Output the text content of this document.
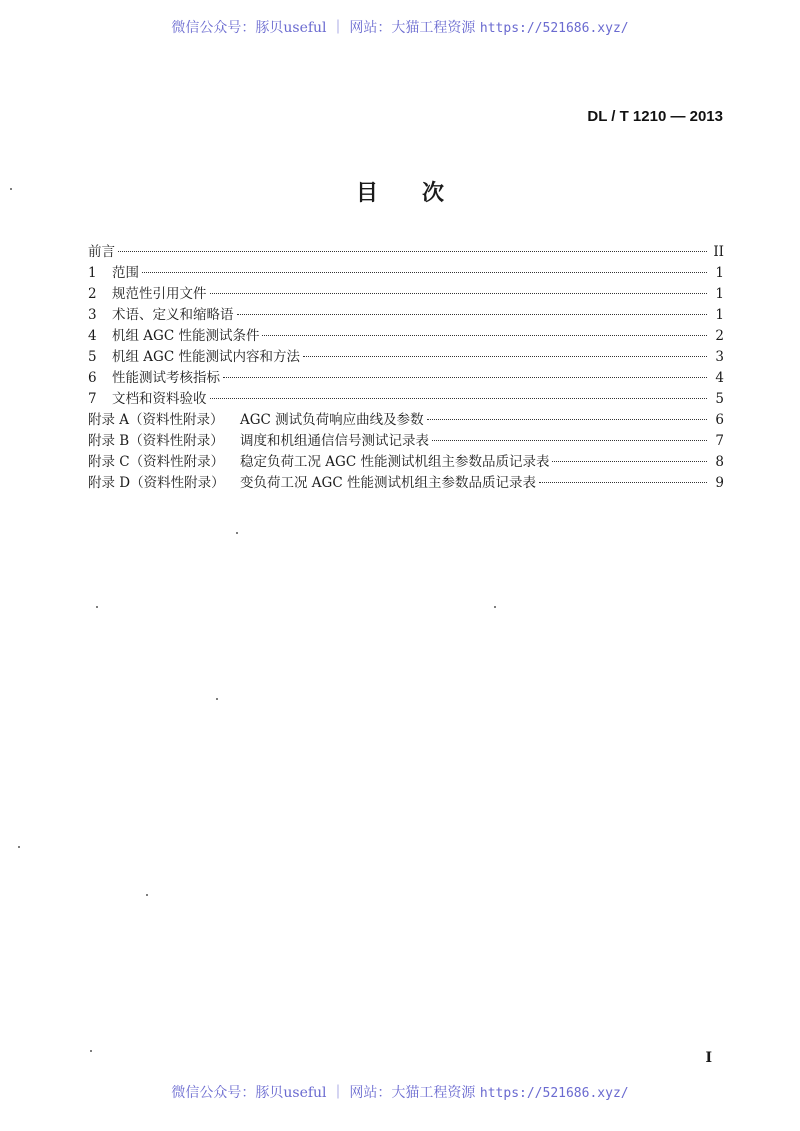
微信公众号：豚贝useful ｜ 网站：大猫工程资源 https://521686.xyz/
DL / T 1210 — 2013
目次
前言	II
1	范围	1
2	规范性引用文件	1
3	术语、定义和缩略语	1
4	机组 AGC 性能测试条件	2
5	机组 AGC 性能测试内容和方法	3
6	性能测试考核指标	4
7	文档和资料验收	5
附录 A（资料性附录）	AGC 测试负荷响应曲线及参数	6
附录 B（资料性附录）	调度和机组通信信号测试记录表	7
附录 C（资料性附录）	稳定负荷工况 AGC 性能测试机组主参数品质记录表	8
附录 D（资料性附录）	变负荷工况 AGC 性能测试机组主参数品质记录表	9
I
微信公众号：豚贝useful ｜ 网站：大猫工程资源 https://521686.xyz/
